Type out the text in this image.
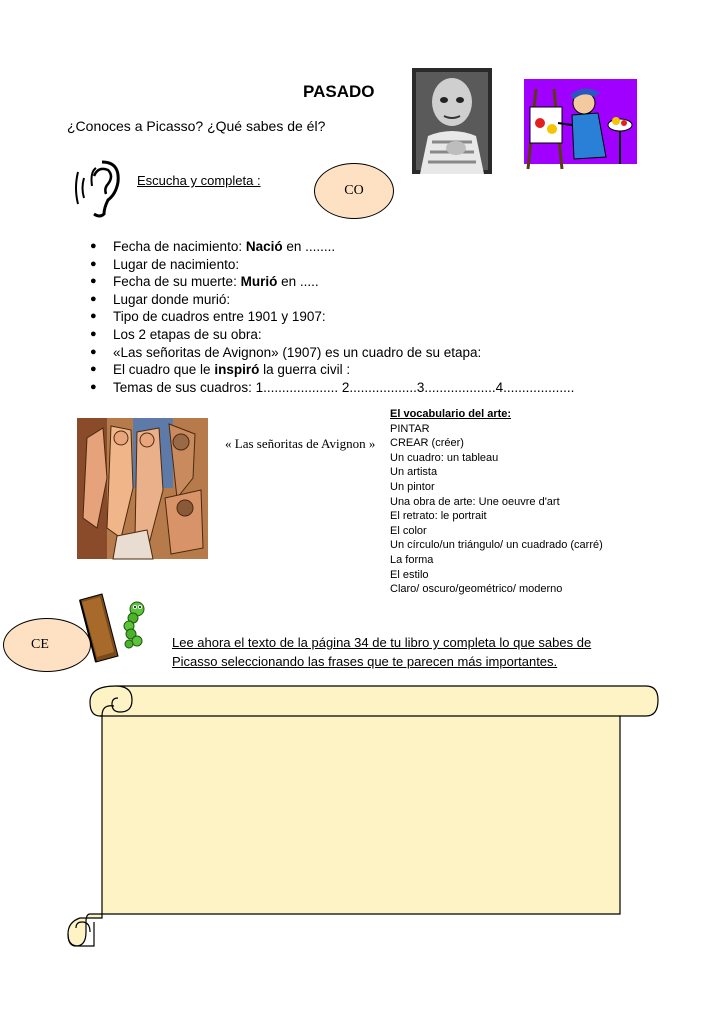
PASADO
¿Conoces a Picasso? ¿Qué sabes de él?
Escucha y completa :
CO
● Fecha de nacimiento: Nació en ........
● Lugar de nacimiento:
● Fecha de su muerte: Murió en .....
● Lugar donde murió:
● Tipo de cuadros entre 1901 y 1907:
● Los 2 etapas de su obra:
● «Las señoritas de Avignon» (1907) es un cuadro de su etapa:
● El cuadro que le inspiró la guerra civil :
● Temas de sus cuadros: 1.................... 2..................3...................4...................
« Las señoritas de Avignon »
El vocabulario del arte:
PINTAR
CREAR (créer)
Un cuadro: un tableau
Un artista
Un pintor
Una obra de arte: Une oeuvre d'art
El retrato: le portrait
El color
Un círculo/un triángulo/ un cuadrado (carré)
La forma
El estilo
Claro/ oscuro/geométrico/ moderno
CE	Lee ahora el texto de la página 34 de tu libro y completa lo que sabes de
Picasso seleccionando las frases que te parecen más importantes.
